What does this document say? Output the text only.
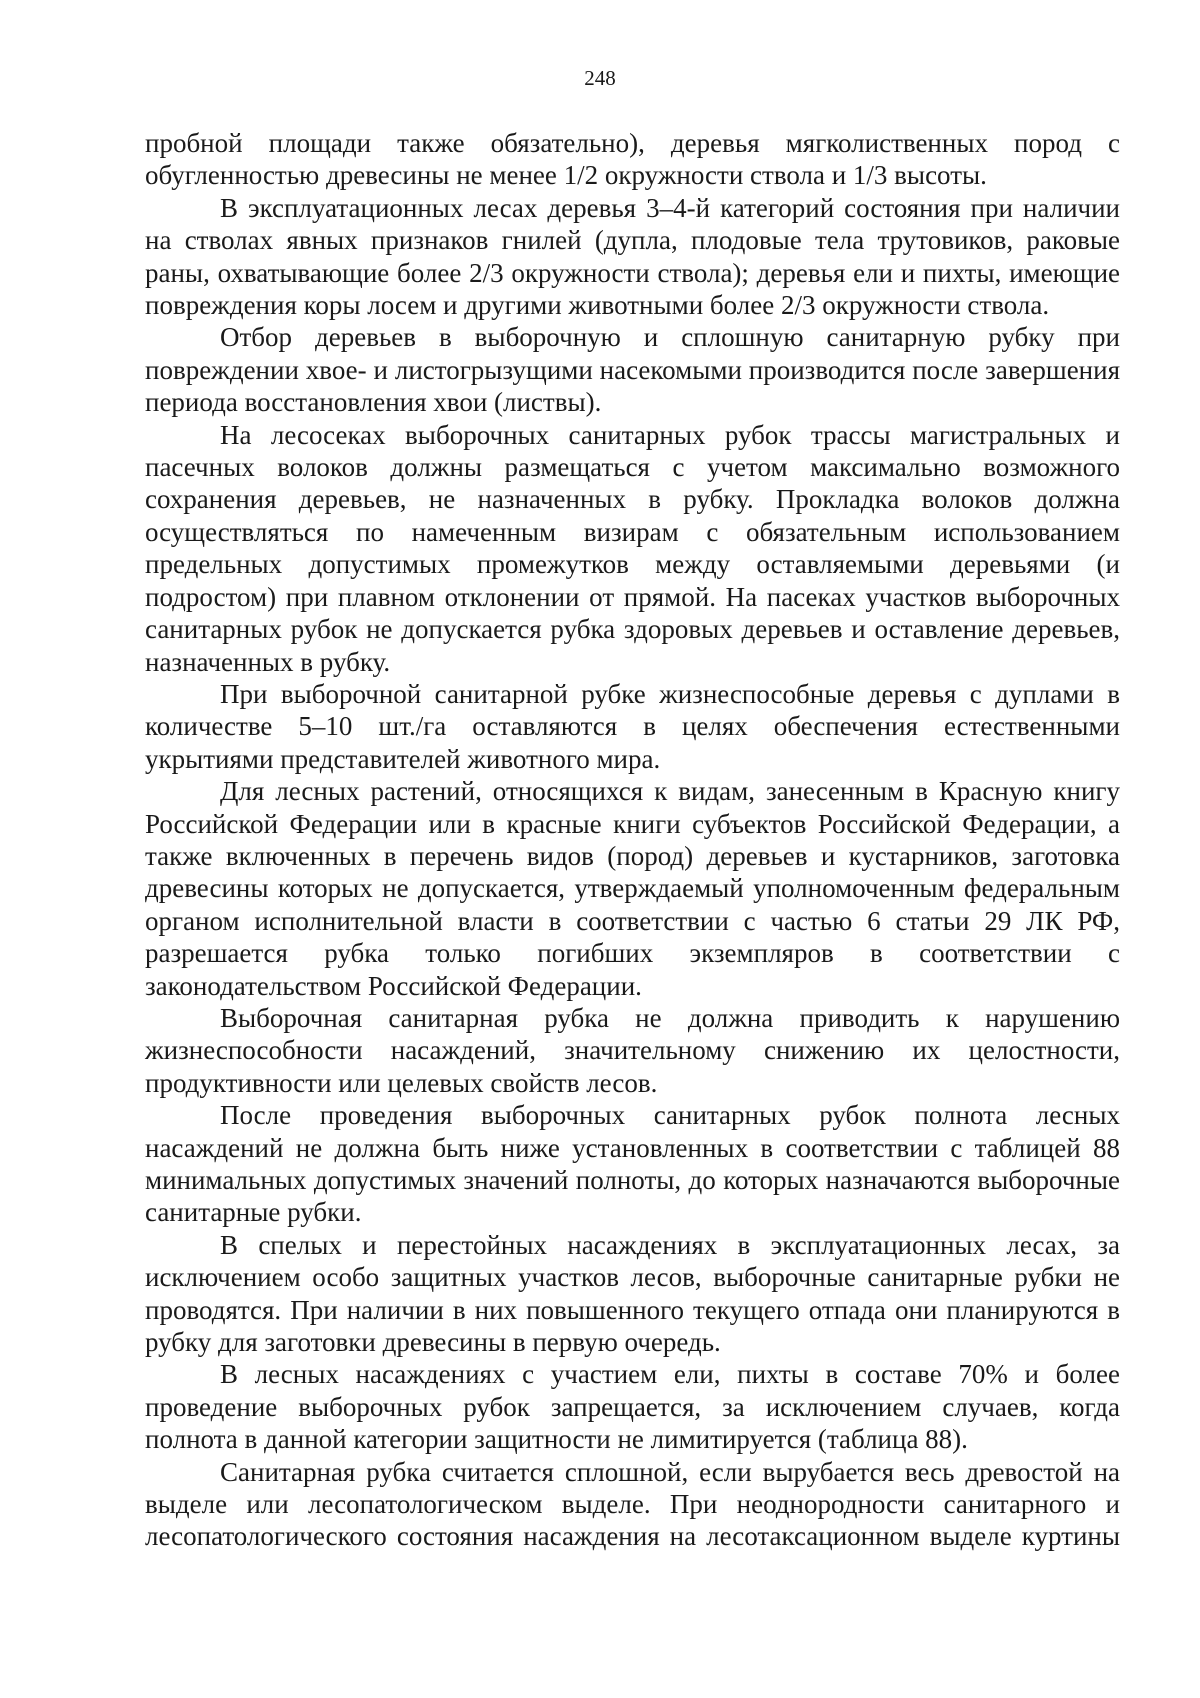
248

пробной площади также обязательно), деревья мягколиственных пород с обугленностью древесины не менее 1/2 окружности ствола и 1/3 высоты.

В эксплуатационных лесах деревья 3–4-й категорий состояния при наличии на стволах явных признаков гнилей (дупла, плодовые тела трутовиков, раковые раны, охватывающие более 2/3 окружности ствола); деревья ели и пихты, имеющие повреждения коры лосем и другими животными более 2/3 окружности ствола.

Отбор деревьев в выборочную и сплошную санитарную рубку при повреждении хвое- и листогрызущими насекомыми производится после завершения периода восстановления хвои (листвы).

На лесосеках выборочных санитарных рубок трассы магистральных и пасечных волоков должны размещаться с учетом максимально возможного сохранения деревьев, не назначенных в рубку. Прокладка волоков должна осуществляться по намеченным визирам с обязательным использованием предельных допустимых промежутков между оставляемыми деревьями (и подростом) при плавном отклонении от прямой. На пасеках участков выборочных санитарных рубок не допускается рубка здоровых деревьев и оставление деревьев, назначенных в рубку.

При выборочной санитарной рубке жизнеспособные деревья с дуплами в количестве 5–10 шт./га оставляются в целях обеспечения естественными укрытиями представителей животного мира.

Для лесных растений, относящихся к видам, занесенным в Красную книгу Российской Федерации или в красные книги субъектов Российской Федерации, а также включенных в перечень видов (пород) деревьев и кустарников, заготовка древесины которых не допускается, утверждаемый уполномоченным федеральным органом исполнительной власти в соответствии с частью 6 статьи 29 ЛК РФ, разрешается рубка только погибших экземпляров в соответствии с законодательством Российской Федерации.

Выборочная санитарная рубка не должна приводить к нарушению жизнеспособности насаждений, значительному снижению их целостности, продуктивности или целевых свойств лесов.

После проведения выборочных санитарных рубок полнота лесных насаждений не должна быть ниже установленных в соответствии с таблицей 88 минимальных допустимых значений полноты, до которых назначаются выборочные санитарные рубки.

В спелых и перестойных насаждениях в эксплуатационных лесах, за исключением особо защитных участков лесов, выборочные санитарные рубки не проводятся. При наличии в них повышенного текущего отпада они планируются в рубку для заготовки древесины в первую очередь.

В лесных насаждениях с участием ели, пихты в составе 70% и более проведение выборочных рубок запрещается, за исключением случаев, когда полнота в данной категории защитности не лимитируется (таблица 88).

Санитарная рубка считается сплошной, если вырубается весь древостой на выделе или лесопатологическом выделе. При неоднородности санитарного и лесопатологического состояния насаждения на лесотаксационном выделе куртины
